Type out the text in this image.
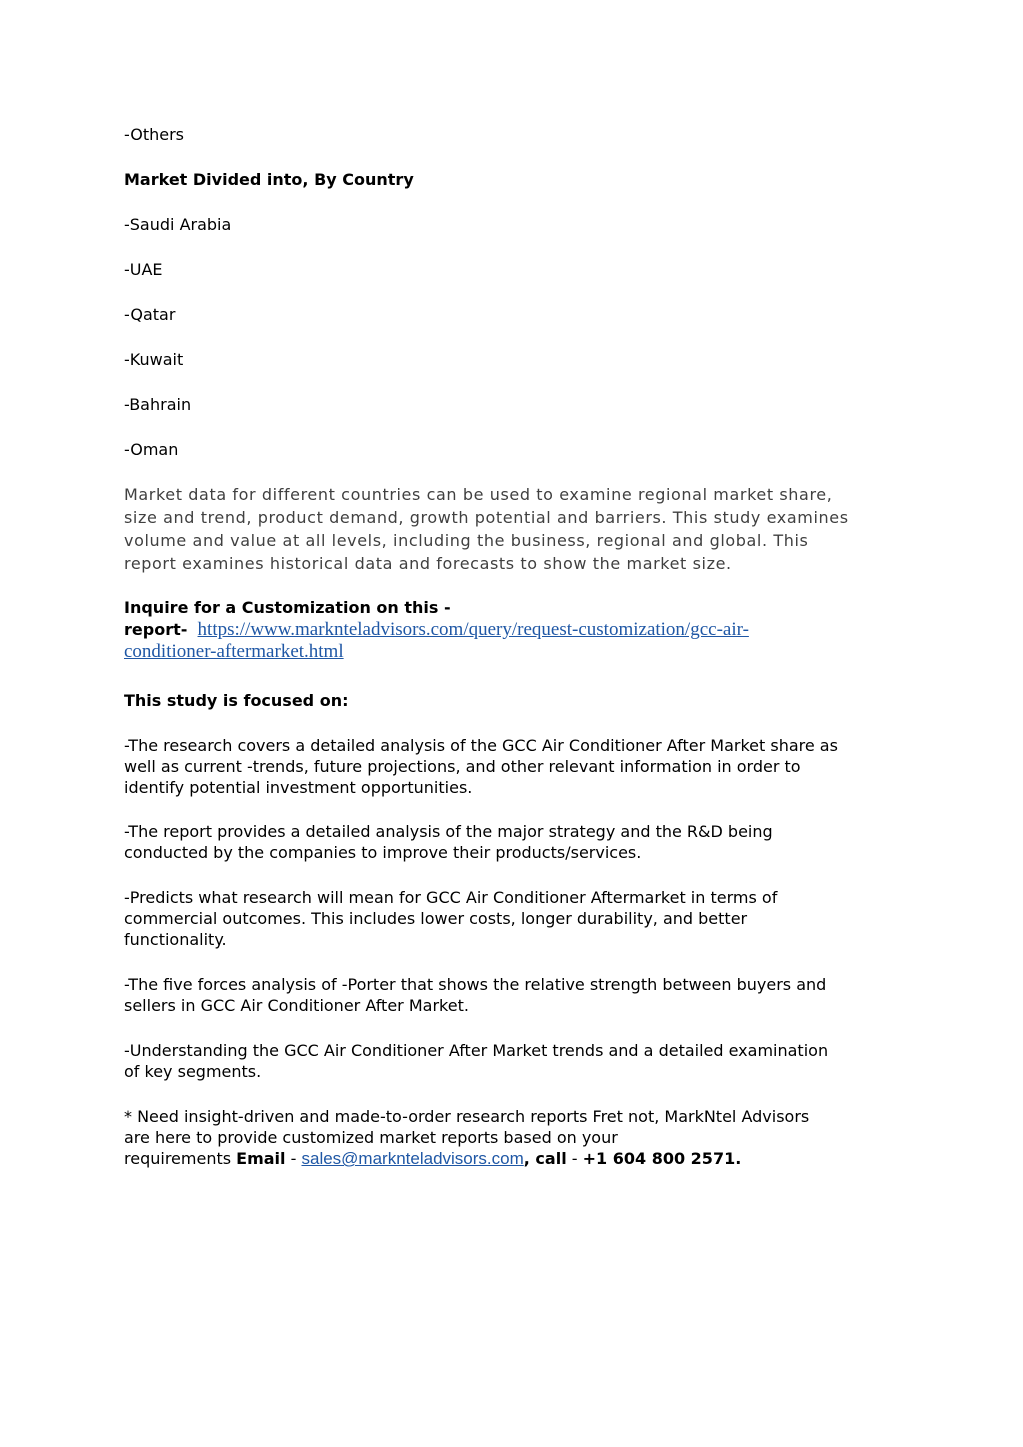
-Others
Market Divided into, By Country
-Saudi Arabia
-UAE
-Qatar
-Kuwait
-Bahrain
-Oman
Market data for different countries can be used to examine regional market share,
size and trend, product demand, growth potential and barriers. This study examines
volume and value at all levels, including the business, regional and global. This
report examines historical data and forecasts to show the market size.
Inquire for a Customization on this -
report- https://www.marknteladvisors.com/query/request-customization/gcc-air-
conditioner-aftermarket.html
This study is focused on:
-The research covers a detailed analysis of the GCC Air Conditioner After Market share as
well as current -trends, future projections, and other relevant information in order to
identify potential investment opportunities.
-The report provides a detailed analysis of the major strategy and the R&D being
conducted by the companies to improve their products/services.
-Predicts what research will mean for GCC Air Conditioner Aftermarket in terms of
commercial outcomes. This includes lower costs, longer durability, and better
functionality.
-The five forces analysis of -Porter that shows the relative strength between buyers and
sellers in GCC Air Conditioner After Market.
-Understanding the GCC Air Conditioner After Market trends and a detailed examination
of key segments.
* Need insight-driven and made-to-order research reports Fret not, MarkNtel Advisors
are here to provide customized market reports based on your
requirements Email - sales@marknteladvisors.com, call - +1 604 800 2571.
